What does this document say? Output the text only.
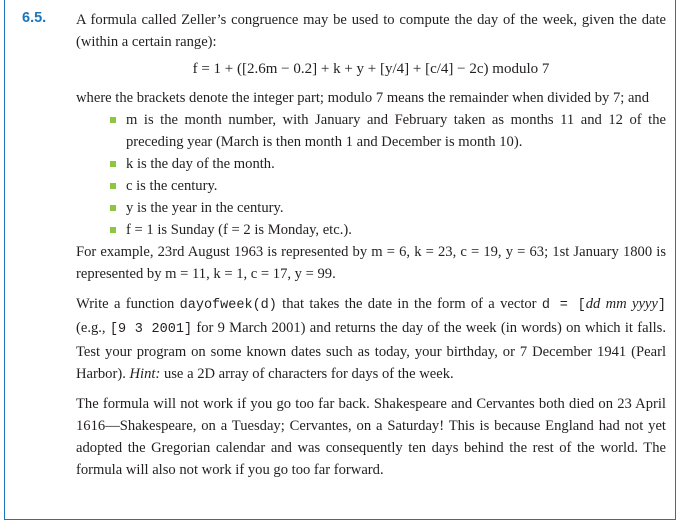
6.5. A formula called Zeller’s congruence may be used to compute the day of the week, given the date (within a certain range):

f = 1 + ([2.6m − 0.2] + k + y + [y/4] + [c/4] − 2c) modulo 7

where the brackets denote the integer part; modulo 7 means the remainder when divided by 7; and

m is the month number, with January and February taken as months 11 and 12 of the preceding year (March is then month 1 and December is month 10).
k is the day of the month.
c is the century.
y is the year in the century.
f = 1 is Sunday (f = 2 is Monday, etc.).

For example, 23rd August 1963 is represented by m = 6, k = 23, c = 19, y = 63; 1st January 1800 is represented by m = 11, k = 1, c = 17, y = 99.

Write a function dayofweek(d) that takes the date in the form of a vector d = [dd mm yyyy] (e.g., [9 3 2001] for 9 March 2001) and returns the day of the week (in words) on which it falls. Test your program on some known dates such as today, your birthday, or 7 December 1941 (Pearl Harbor). Hint: use a 2D array of characters for days of the week.

The formula will not work if you go too far back. Shakespeare and Cervantes both died on 23 April 1616—Shakespeare, on a Tuesday; Cervantes, on a Saturday! This is because England had not yet adopted the Gregorian calendar and was consequently ten days behind the rest of the world. The formula will also not work if you go too far forward.
